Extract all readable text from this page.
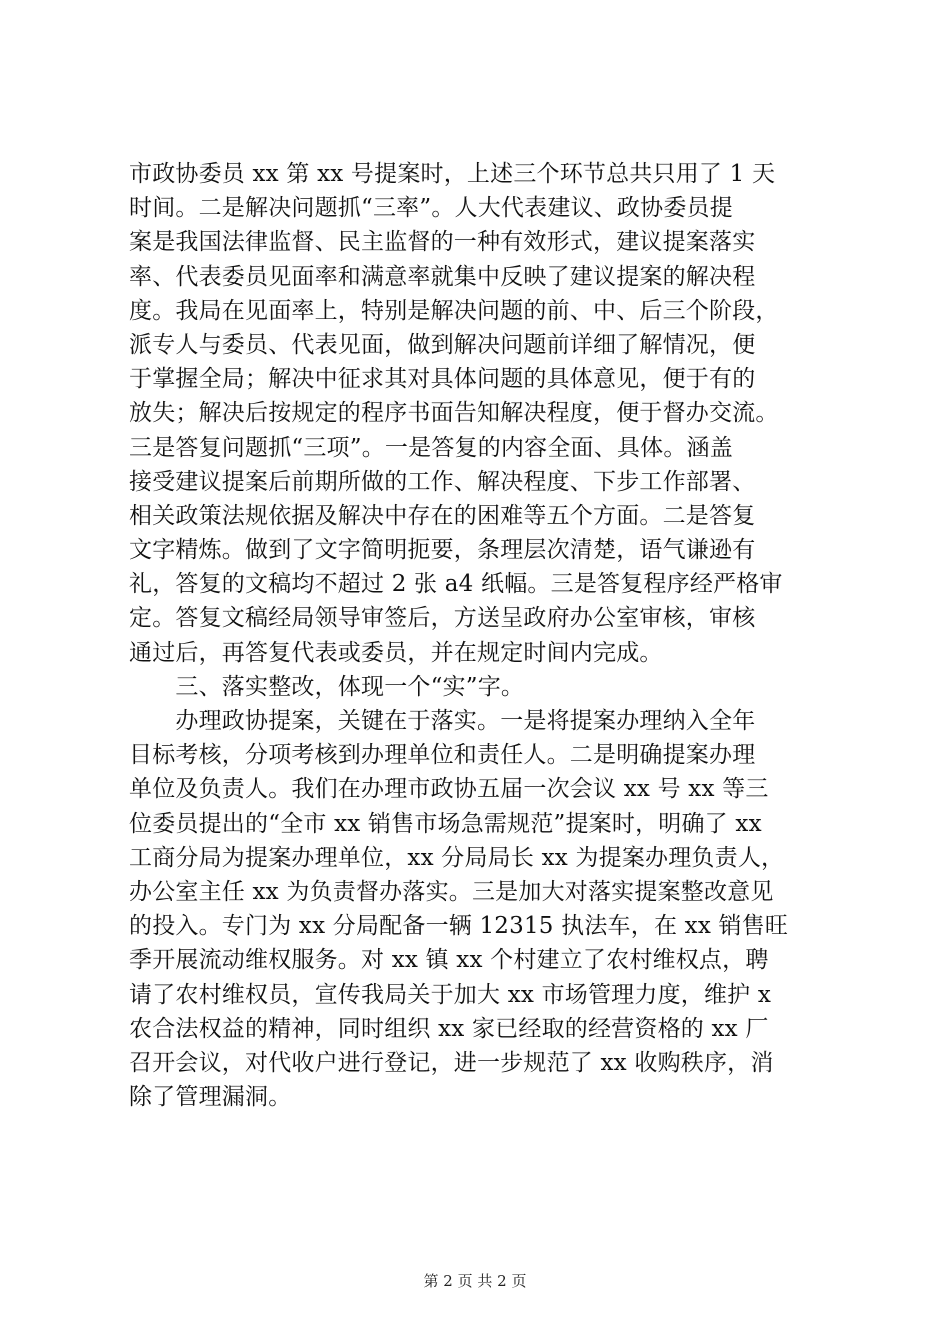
市政协委员 xx 第 xx 号提案时，上述三个环节总共只用了 1 天
时间。二是解决问题抓“三率”。人大代表建议、政协委员提
案是我国法律监督、民主监督的一种有效形式，建议提案落实
率、代表委员见面率和满意率就集中反映了建议提案的解决程
度。我局在见面率上，特别是解决问题的前、中、后三个阶段，
派专人与委员、代表见面，做到解决问题前详细了解情况，便
于掌握全局；解决中征求其对具体问题的具体意见，便于有的
放失；解决后按规定的程序书面告知解决程度，便于督办交流。
三是答复问题抓“三项”。一是答复的内容全面、具体。涵盖
接受建议提案后前期所做的工作、解决程度、下步工作部署、
相关政策法规依据及解决中存在的困难等五个方面。二是答复
文字精炼。做到了文字简明扼要，条理层次清楚，语气谦逊有
礼，答复的文稿均不超过 2 张 a4 纸幅。三是答复程序经严格审
定。答复文稿经局领导审签后，方送呈政府办公室审核，审核
通过后，再答复代表或委员，并在规定时间内完成。
　　三、落实整改，体现一个“实”字。
　　办理政协提案，关键在于落实。一是将提案办理纳入全年
目标考核，分项考核到办理单位和责任人。二是明确提案办理
单位及负责人。我们在办理市政协五届一次会议 xx 号 xx 等三
位委员提出的“全市 xx 销售市场急需规范”提案时，明确了 xx
工商分局为提案办理单位，xx 分局局长 xx 为提案办理负责人，
办公室主任 xx 为负责督办落实。三是加大对落实提案整改意见
的投入。专门为 xx 分局配备一辆 12315 执法车，在 xx 销售旺
季开展流动维权服务。对 xx 镇 xx 个村建立了农村维权点，聘
请了农村维权员，宣传我局关于加大 xx 市场管理力度，维护 x
农合法权益的精神，同时组织 xx 家已经取的经营资格的 xx 厂
召开会议，对代收户进行登记，进一步规范了 xx 收购秩序，消
除了管理漏洞。
第 2 页 共 2 页
